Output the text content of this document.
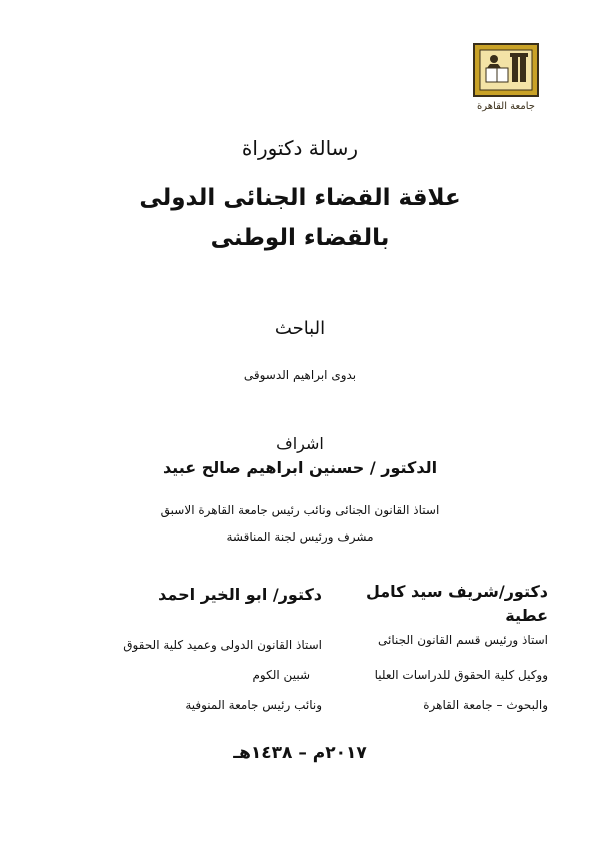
جامعة القاهرة
رسالة دكتوراة
علاقة القضاء الجنائى الدولى
بالقضاء الوطنى
الباحث
بدوى ابراهيم الدسوقى
اشراف
الدكتور / حسنين ابراهيم صالح عبيد
استاذ القانون الجنائى ونائب رئيس جامعة القاهرة الاسبق
مشرف ورئيس لجنة المناقشة
دكتور/شريف سيد كامل
عطية
استاذ ورئيس قسم القانون الجنائى
ووكيل كلية الحقوق للدراسات العليا
والبحوث – جامعة القاهرة
دكتور/ ابو الخير احمد
استاذ القانون الدولى وعميد كلية الحقوق
شبين الكوم
ونائب رئيس جامعة المنوفية
٢٠١٧م – ١٤٣٨هـ
